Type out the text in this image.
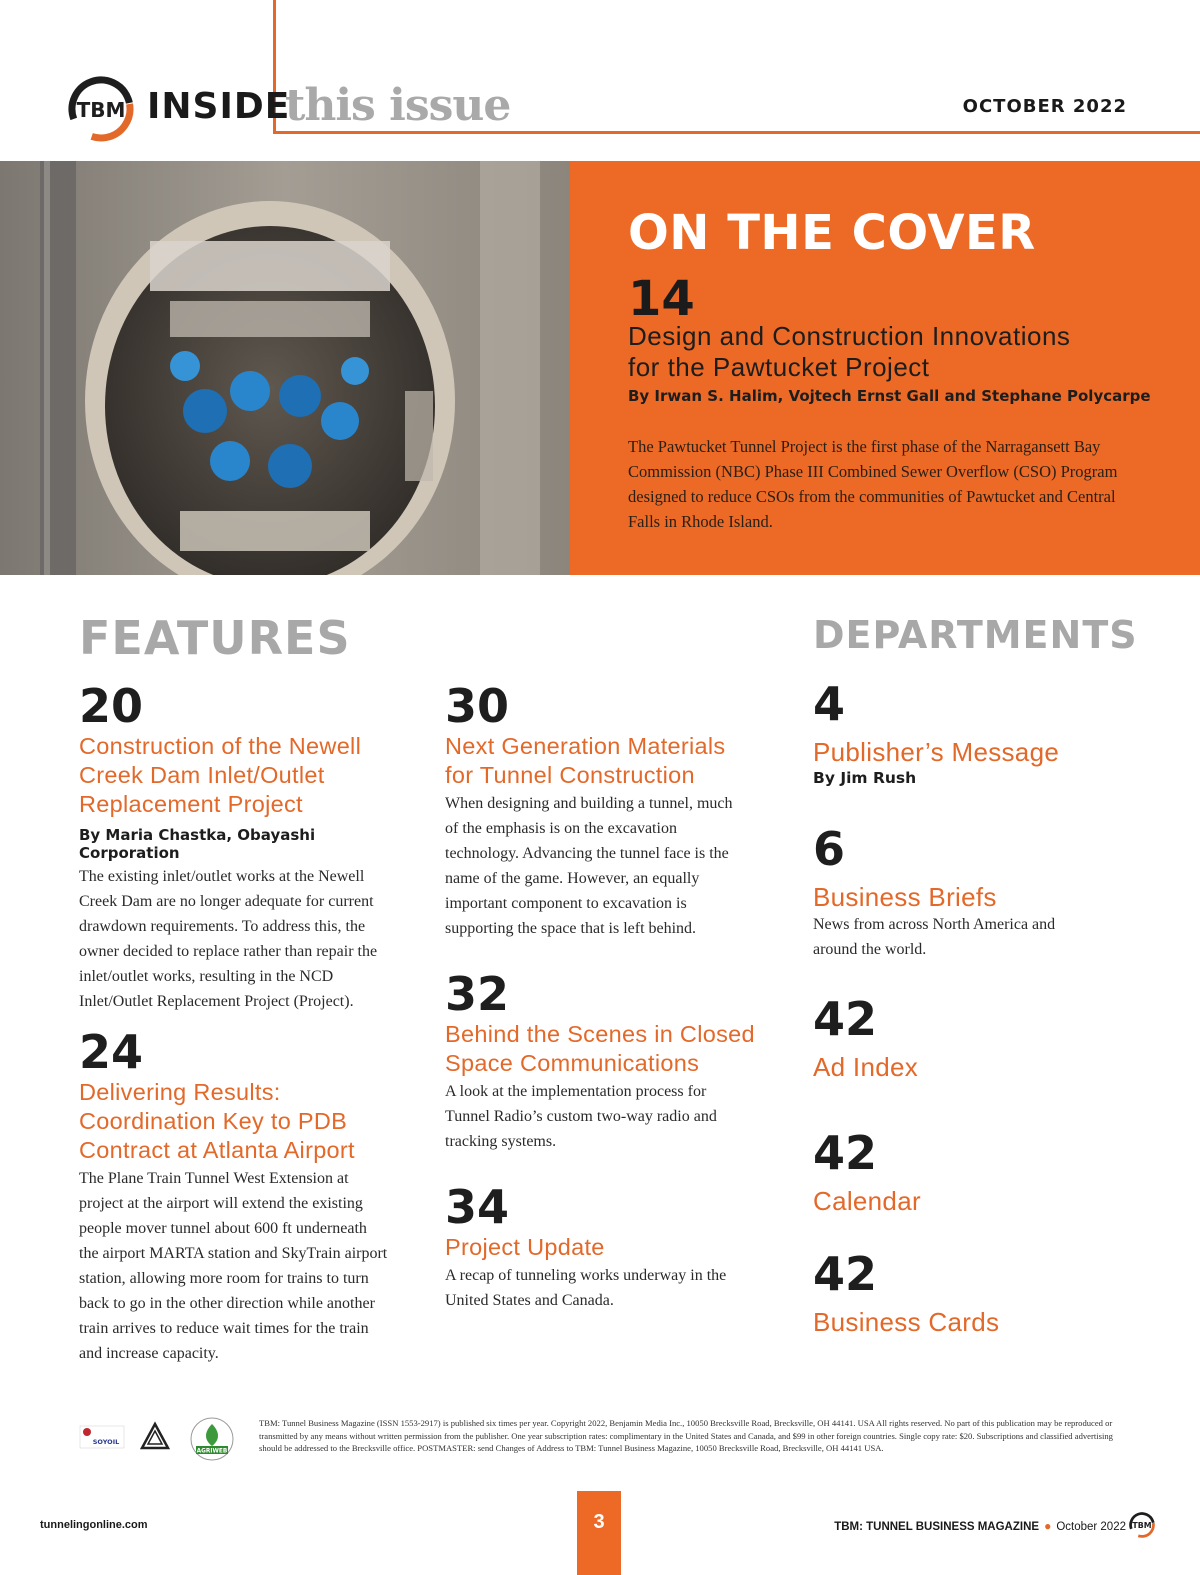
TBM INSIDE
this issue	OCTOBER 2022
ON THE COVER
14
Design and Construction Innovations
for the Pawtucket Project
By Irwan S. Halim, Vojtech Ernst Gall and Stephane Polycarpe
The Pawtucket Tunnel Project is the first phase of the Narragansett Bay Commission (NBC) Phase III Combined Sewer Overflow (CSO) Program designed to reduce CSOs from the communities of Pawtucket and Central Falls in Rhode Island.
FEATURES	DEPARTMENTS
20
Construction of the Newell Creek Dam Inlet/Outlet Replacement Project
By Maria Chastka, Obayashi Corporation
The existing inlet/outlet works at the Newell Creek Dam are no longer adequate for current drawdown requirements. To address this, the owner decided to replace rather than repair the inlet/outlet works, resulting in the NCD Inlet/Outlet Replacement Project (Project).
24
Delivering Results: Coordination Key to PDB Contract at Atlanta Airport
The Plane Train Tunnel West Extension at project at the airport will extend the existing people mover tunnel about 600 ft underneath the airport MARTA station and SkyTrain airport station, allowing more room for trains to turn back to go in the other direction while another train arrives to reduce wait times for the train and increase capacity.
30
Next Generation Materials for Tunnel Construction
When designing and building a tunnel, much of the emphasis is on the excavation technology. Advancing the tunnel face is the name of the game. However, an equally important component to excavation is supporting the space that is left behind.
32
Behind the Scenes in Closed Space Communications
A look at the implementation process for Tunnel Radio’s custom two-way radio and tracking systems.
34
Project Update
A recap of tunneling works underway in the United States and Canada.
4
Publisher’s Message
By Jim Rush
6
Business Briefs
News from across North America and around the world.
42
Ad Index
42
Calendar
42
Business Cards
SOYOIL
AGRIWEB
TBM: Tunnel Business Magazine (ISSN 1553-2917) is published six times per year. Copyright 2022, Benjamin Media Inc., 10050 Brecksville Road, Brecksville, OH 44141. USA All rights reserved. No part of this publication may be reproduced or transmitted by any means without written permission from the publisher. One year subscription rates: complimentary in the United States and Canada, and $99 in other foreign countries. Single copy rate: $20. Subscriptions and classified advertising should be addressed to the Brecksville office. POSTMASTER: send Changes of Address to TBM: Tunnel Business Magazine, 10050 Brecksville Road, Brecksville, OH 44141 USA.
tunnelingonline.com	3	TBM: TUNNEL BUSINESS MAGAZINE ● October 2022 TBM
